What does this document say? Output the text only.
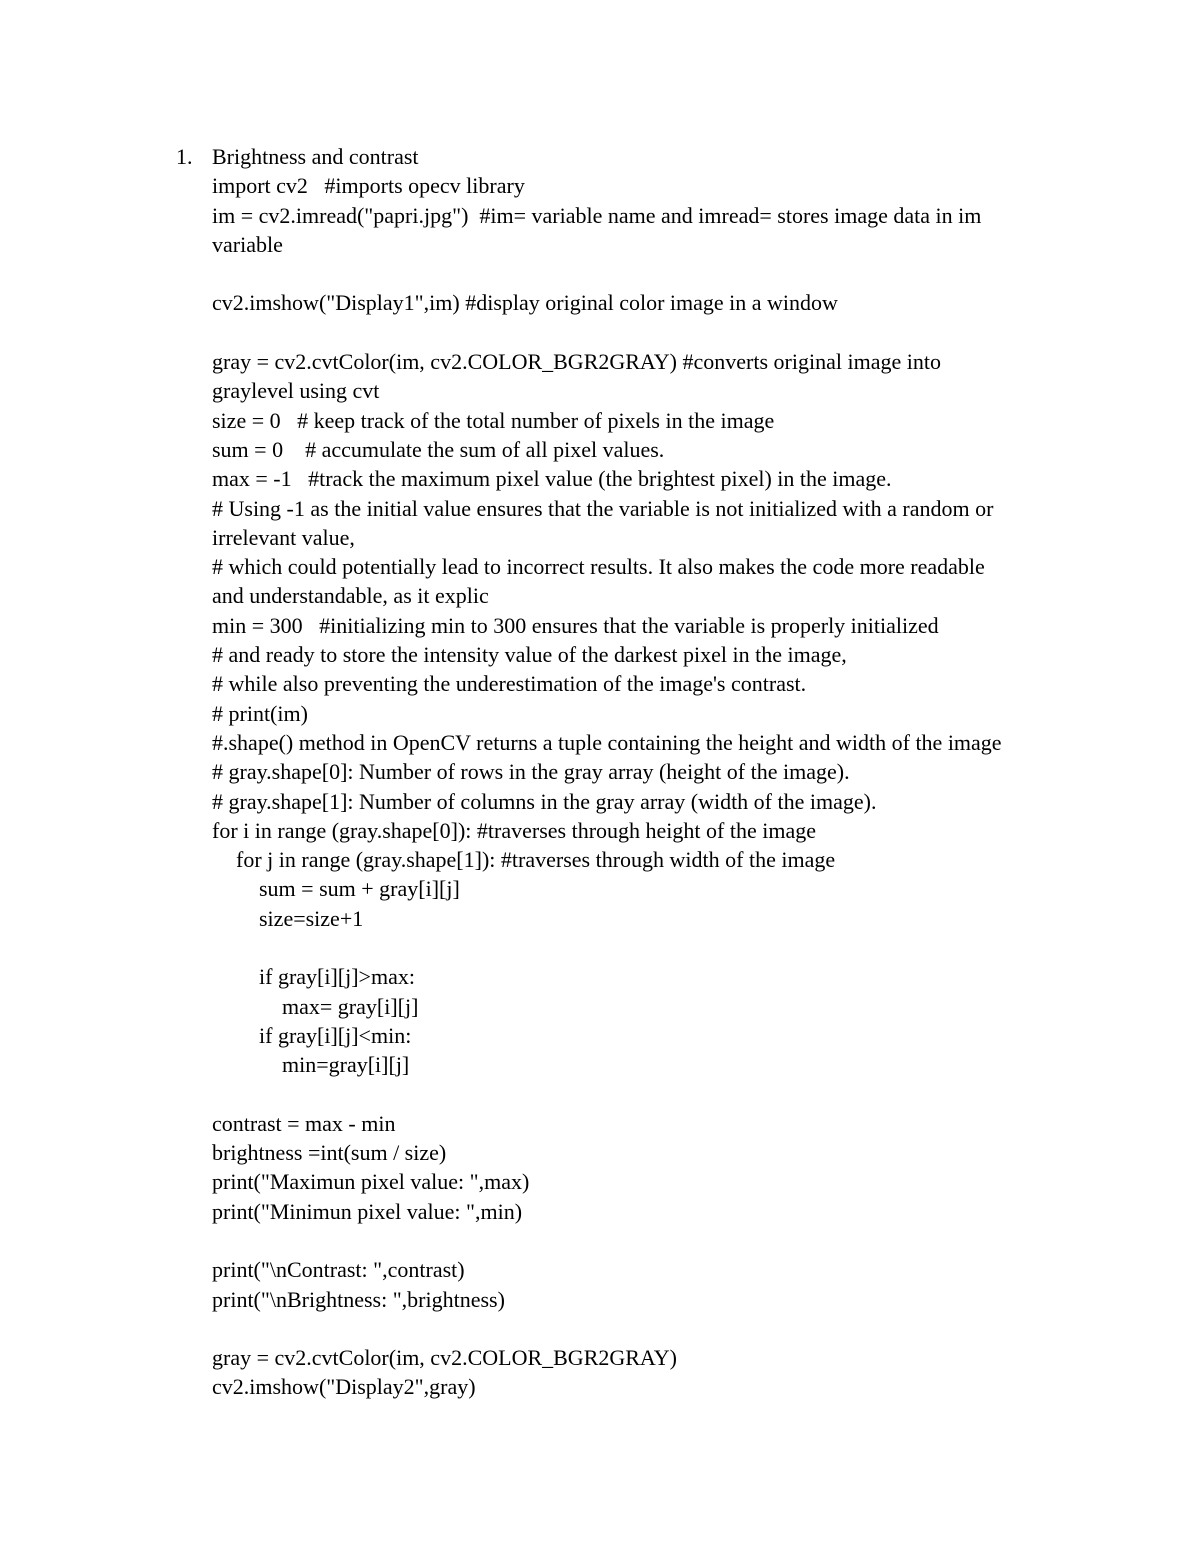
1. Brightness and contrast
import cv2   #imports opecv library
im = cv2.imread("papri.jpg")  #im= variable name and imread= stores image data in im
variable
cv2.imshow("Display1",im) #display original color image in a window
gray = cv2.cvtColor(im, cv2.COLOR_BGR2GRAY) #converts original image into
graylevel using cvt
size = 0   # keep track of the total number of pixels in the image
sum = 0    # accumulate the sum of all pixel values.
max = -1   #track the maximum pixel value (the brightest pixel) in the image.
# Using -1 as the initial value ensures that the variable is not initialized with a random or
irrelevant value,
# which could potentially lead to incorrect results. It also makes the code more readable
and understandable, as it explic
min = 300   #initializing min to 300 ensures that the variable is properly initialized
# and ready to store the intensity value of the darkest pixel in the image,
# while also preventing the underestimation of the image's contrast.
# print(im)
#.shape() method in OpenCV returns a tuple containing the height and width of the image
# gray.shape[0]: Number of rows in the gray array (height of the image).
# gray.shape[1]: Number of columns in the gray array (width of the image).
for i in range (gray.shape[0]): #traverses through height of the image
for j in range (gray.shape[1]): #traverses through width of the image
sum = sum + gray[i][j]
size=size+1
if gray[i][j]>max:
max= gray[i][j]
if gray[i][j]<min:
min=gray[i][j]
contrast = max - min
brightness =int(sum / size)
print("Maximun pixel value: ",max)
print("Minimun pixel value: ",min)
print("\nContrast: ",contrast)
print("\nBrightness: ",brightness)
gray = cv2.cvtColor(im, cv2.COLOR_BGR2GRAY)
cv2.imshow("Display2",gray)
